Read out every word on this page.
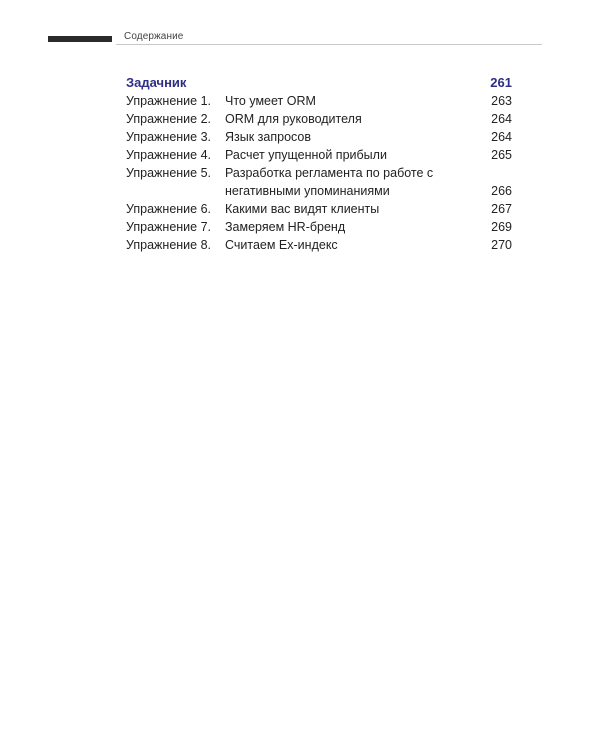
Содержание
Задачник	261
Упражнение 1. Что умеет ORM	263
Упражнение 2. ORM для руководителя	264
Упражнение 3. Язык запросов	264
Упражнение 4. Расчет упущенной прибыли	265
Упражнение 5. Разработка регламента по работе с негативными упоминаниями	266
Упражнение 6. Какими вас видят клиенты	267
Упражнение 7. Замеряем HR-бренд	269
Упражнение 8. Считаем Ех-индекс	270
